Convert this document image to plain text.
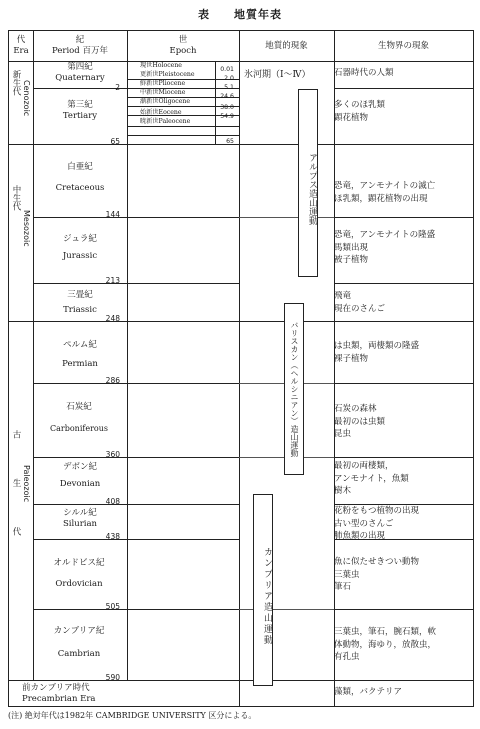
表　　地質年表
代
Era
紀
Period 百万年
世
Epoch	地質的現象	生物界の現象
新生代 Cenozoic
中生代
Mesozoic
古生代 Paleozoic
前カンブリア時代
Precambrian Era
第四紀
Quaternary
第三紀
Tertiary
白亜紀
Cretaceous
ジュラ紀
Jurassic
三畳紀
Triassic
ペルム紀
Permian
石炭紀
Carboniferous
デボン紀
Devonian
シルル紀
Silurian
オルドビス紀
Ordovician
カンブリア紀
Cambrian
2
65
144
213
248
286
360
408
438
505
590
現世Holocene
0.01
更新世Pleistocene
2.0
鮮新世Pliocene
5.1
中新世Miocene
24.6
漸新世Oligocene
38.0
始新世Eocene
54.9
暁新世Paleocene
65
氷河期（Ⅰ～Ⅳ）
アルプス造山運動
バリスカン（ヘルシニアン）造山運動
カンブリア造山運動
石器時代の人類
多くのほ乳類
顕花植物
恐竜，アンモナイトの滅亡
ほ乳類，顕花植物の出現
恐竜，アンモナイトの隆盛
馬類出現
被子植物
飛竜
現在のさんご
は虫類，両棲類の隆盛
裸子植物
石炭の森林
最初のは虫類
昆虫
最初の両棲類，
アンモナイト，魚類
樹木
花粉をもつ植物の出現
古い型のさんご
肺魚類の出現
魚に似たせきつい動物
三葉虫
筆石
三葉虫，筆石，腕石類，軟
体動物，海ゆり，放散虫，
有孔虫
藻類，バクテリア
(注) 絶対年代は1982年 CAMBRIDGE UNIVERSITY 区分による。
